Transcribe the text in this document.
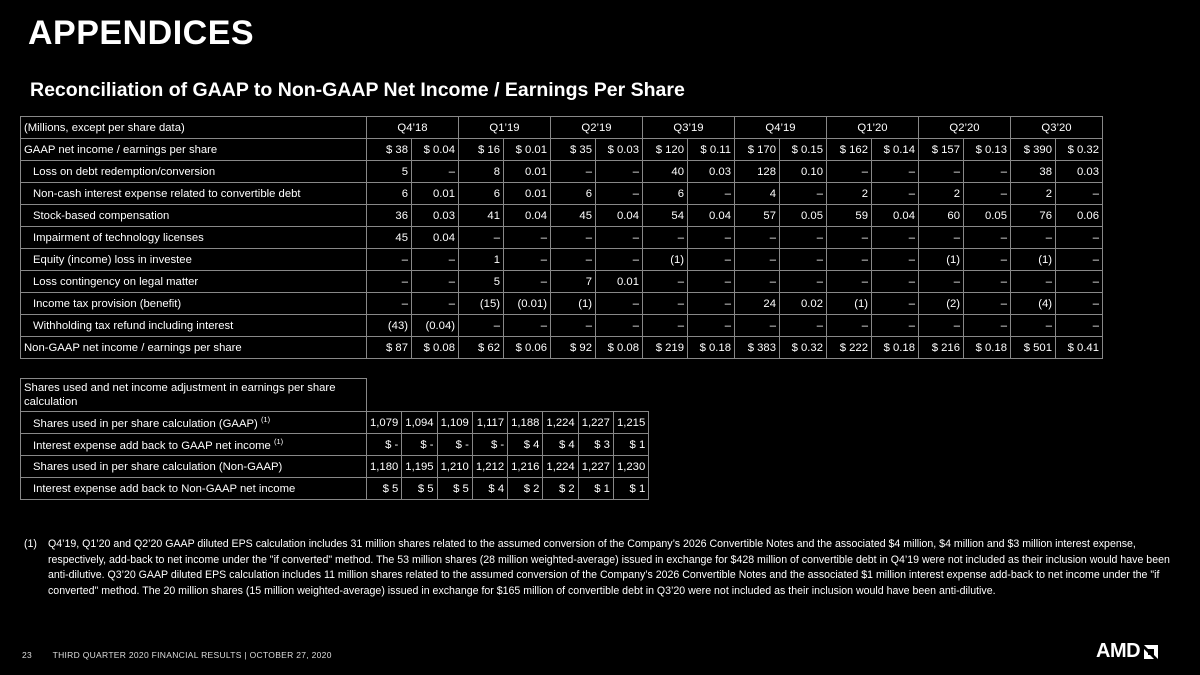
APPENDICES
Reconciliation of GAAP to Non-GAAP Net Income / Earnings Per Share
(Millions, except per share data)	Q4’18		Q1’19		Q2’19		Q3’19		Q4’19		Q1’20		Q2’20		Q3’20	
GAAP net income / earnings per share	$ 38	$ 0.04	$ 16	$ 0.01	$ 35	$ 0.03	$ 120	$ 0.11	$ 170	$ 0.15	$ 162	$ 0.14	$ 157	$ 0.13	$ 390	$ 0.32
Loss on debt redemption/conversion	5	–	8	0.01	–	–	40	0.03	128	0.10	–	–	–	–	38	0.03
Non-cash interest expense related to convertible debt	6	0.01	6	0.01	6	–	6	–	4	–	2	–	2	–	2	–
Stock-based compensation	36	0.03	41	0.04	45	0.04	54	0.04	57	0.05	59	0.04	60	0.05	76	0.06
Impairment of technology licenses	45	0.04	–	–	–	–	–	–	–	–	–	–	–	–	–	–
Equity (income) loss in investee	–	–	1	–	–	–	(1)	–	–	–	–	–	(1)	–	(1)	–
Loss contingency on legal matter	–	–	5	–	7	0.01	–	–	–	–	–	–	–	–	–	–
Income tax provision (benefit)	–	–	(15)	(0.01)	(1)	–	–	–	24	0.02	(1)	–	(2)	–	(4)	–
Withholding tax refund including interest	(43)	(0.04)	–	–	–	–	–	–	–	–	–	–	–	–	–	–
Non-GAAP net income / earnings per share	$ 87	$ 0.08	$ 62	$ 0.06	$ 92	$ 0.08	$ 219	$ 0.18	$ 383	$ 0.32	$ 222	$ 0.18	$ 216	$ 0.18	$ 501	$ 0.41
Shares used and net income adjustment in earnings per share calculation								
Shares used in per share calculation (GAAP) $^{(1)}$	1,079	1,094	1,109	1,117	1,188	1,224	1,227	1,215
Interest expense add back to GAAP net income $^{(1)}$	$ -	$ -	$ -	$ -	$ 4	$ 4	$ 3	$ 1
Shares used in per share calculation (Non-GAAP)	1,180	1,195	1,210	1,212	1,216	1,224	1,227	1,230
Interest expense add back to Non-GAAP net income	$ 5	$ 5	$ 5	$ 4	$ 2	$ 2	$ 1	$ 1
(1) Q4’19, Q1’20 and Q2’20 GAAP diluted EPS calculation includes 31 million shares related to the assumed conversion of the Company’s 2026 Convertible Notes and the associated $4 million, $4 million and $3 million interest expense, respectively, add-back to net income under the "if converted" method. The 53 million shares (28 million weighted-average) issued in exchange for $428 million of convertible debt in Q4’19 were not included as their inclusion would have been anti-dilutive. Q3’20 GAAP diluted EPS calculation includes 11 million shares related to the assumed conversion of the Company’s 2026 Convertible Notes and the associated $1 million interest expense add-back to net income under the "if converted" method. The 20 million shares (15 million weighted-average) issued in exchange for $165 million of convertible debt in Q3’20 were not included as their inclusion would have been anti-dilutive.
23 THIRD QUARTER 2020 FINANCIAL RESULTS | OCTOBER 27, 2020	AMD
